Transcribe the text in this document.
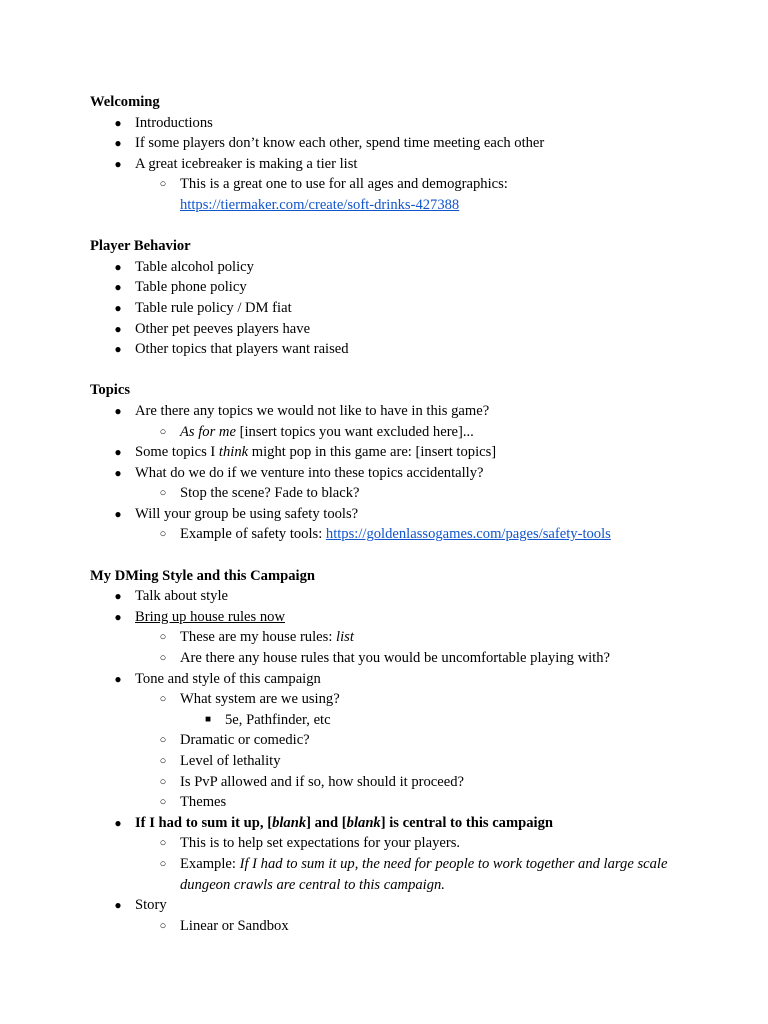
Welcoming
● Introductions
● If some players don’t know each other, spend time meeting each other
● A great icebreaker is making a tier list
○ This is a great one to use for all ages and demographics:
https://tiermaker.com/create/soft-drinks-427388
Player Behavior
● Table alcohol policy
● Table phone policy
● Table rule policy / DM fiat
● Other pet peeves players have
● Other topics that players want raised
Topics
● Are there any topics we would not like to have in this game?
○ As for me [insert topics you want excluded here]...
● Some topics I think might pop in this game are: [insert topics]
● What do we do if we venture into these topics accidentally?
○ Stop the scene? Fade to black?
● Will your group be using safety tools?
○ Example of safety tools: https://goldenlassogames.com/pages/safety-tools
My DMing Style and this Campaign
● Talk about style
● Bring up house rules now
○ These are my house rules: list
○ Are there any house rules that you would be uncomfortable playing with?
● Tone and style of this campaign
○ What system are we using?
■ 5e, Pathfinder, etc
○ Dramatic or comedic?
○ Level of lethality
○ Is PvP allowed and if so, how should it proceed?
○ Themes
● If I had to sum it up, [blank] and [blank] is central to this campaign
○ This is to help set expectations for your players.
○ Example: If I had to sum it up, the need for people to work together and large scale dungeon crawls are central to this campaign.
● Story
○ Linear or Sandbox
